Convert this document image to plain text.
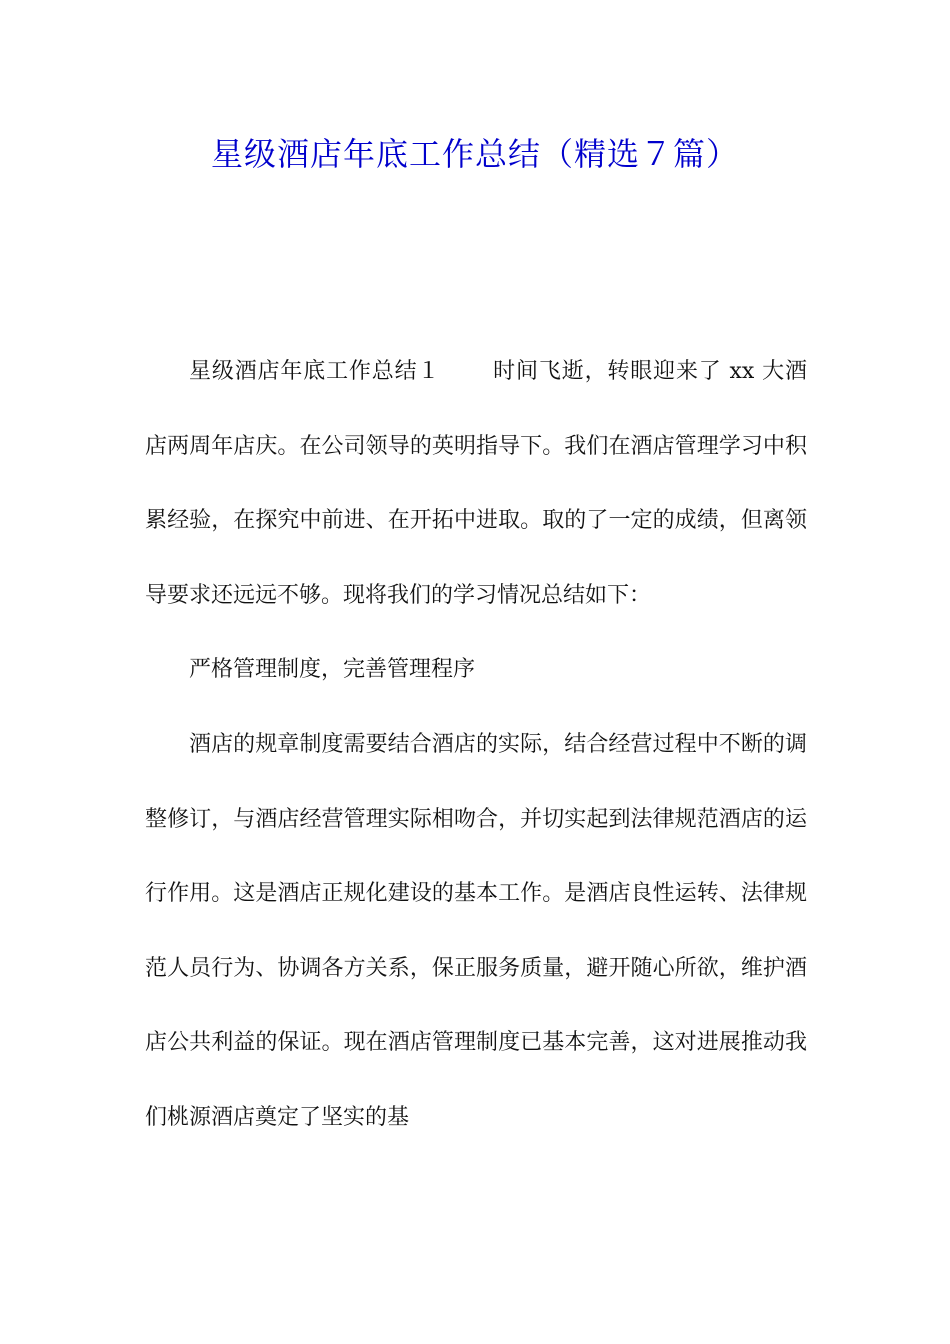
星级酒店年底工作总结（精选７篇）

星级酒店年底工作总结１ 时间飞逝，转眼迎来了 xx 大酒店两周年店庆。在公司领导的英明指导下。我们在酒店管理学习中积累经验，在探究中前进、在开拓中进取。取的了一定的成绩，但离领导要求还远远不够。现将我们的学习情况总结如下：

严格管理制度，完善管理程序

酒店的规章制度需要结合酒店的实际，结合经营过程中不断的调整修订，与酒店经营管理实际相吻合，并切实起到法律规范酒店的运行作用。这是酒店正规化建设的基本工作。是酒店良性运转、法律规范人员行为、协调各方关系，保正服务质量，避开随心所欲，维护酒店公共利益的保证。现在酒店管理制度已基本完善，这对进展推动我们桃源酒店奠定了坚实的基
